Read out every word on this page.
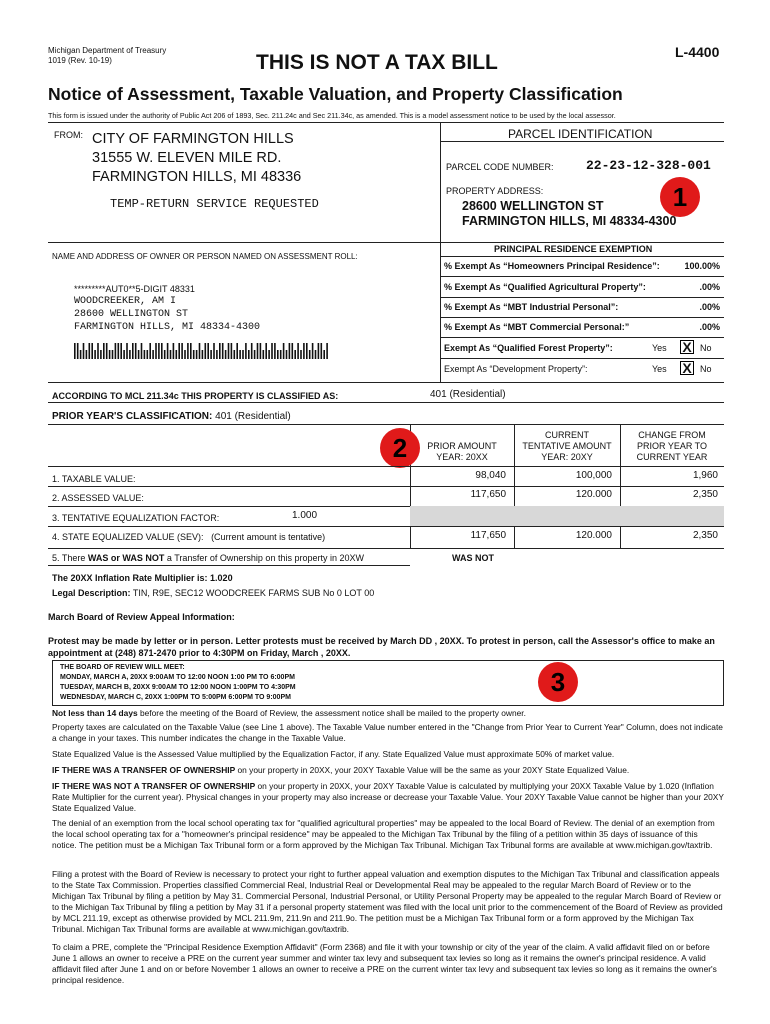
Michigan Department of Treasury
1019 (Rev. 10-19)	THIS IS NOT A TAX BILL	L-4400
Notice of Assessment, Taxable Valuation, and Property Classification
This form is issued under the authority of Public Act 206 of 1893, Sec. 211.24c and Sec 211.34c, as amended. This is a model assessment notice to be used by the local assessor.
FROM: CITY OF FARMINGTON HILLS
31555 W. ELEVEN MILE RD.
FARMINGTON HILLS, MI 48336
TEMP-RETURN SERVICE REQUESTED
PARCEL IDENTIFICATION
PARCEL CODE NUMBER: 22-23-12-328-001
PROPERTY ADDRESS:
28600 WELLINGTON ST
FARMINGTON HILLS, MI 48334-4300
1
NAME AND ADDRESS OF OWNER OR PERSON NAMED ON ASSESSMENT ROLL:
*********AUT0**5-DIGIT 48331
WOODCREEKER, AM I
28600 WELLINGTON ST
FARMINGTON HILLS, MI 48334-4300
PRINCIPAL RESIDENCE EXEMPTION
% Exempt As “Homeowners Principal Residence”:	100.00%
% Exempt As “Qualified Agricultural Property”:	.00%
% Exempt As “MBT Industrial Personal”:	.00%
% Exempt As “MBT Commercial Personal:”	.00%
Exempt As “Qualified Forest Property”:	Yes X No
Exempt As “Development Property”:	Yes X No
ACCORDING TO MCL 211.34c THIS PROPERTY IS CLASSIFIED AS:	401 (Residential)
PRIOR YEAR'S CLASSIFICATION: 401 (Residential)
PRIOR AMOUNT
YEAR: 20XX
CURRENT
TENTATIVE AMOUNT
YEAR: 20XY
CHANGE FROM
PRIOR YEAR TO
CURRENT YEAR
2
1. TAXABLE VALUE:	98,040	100,000	1,960
2. ASSESSED VALUE:	117,650	120.000	2,350
3. TENTATIVE EQUALIZATION FACTOR:	1.000
4. STATE EQUALIZED VALUE (SEV): (Current amount is tentative)	117,650	120.000	2,350
5. There WAS or WAS NOT a Transfer of Ownership on this property in 20XW	WAS NOT
The 20XX Inflation Rate Multiplier is: 1.020
Legal Description: TIN, R9E, SEC12 WOODCREEK FARMS SUB No 0 LOT 00
March Board of Review Appeal Information:
Protest may be made by letter or in person. Letter protests must be received by March DD , 20XX. To protest in person, call the Assessor's office to make an appointment at (248) 871-2470 prior to 4:30PM on Friday, March , 20XX.
THE BOARD OF REVIEW WILL MEET:
MONDAY, MARCH A, 20XX 9:00AM TO 12:00 NOON 1:00 PM TO 6:00PM
TUESDAY, MARCH B, 20XX 9:00AM TO 12:00 NOON 1:00PM TO 4:30PM
WEDNESDAY, MARCH C, 20XX 1:00PM TO 5:00PM 6:00PM TO 9:00PM
3
Not less than 14 days before the meeting of the Board of Review, the assessment notice shall be mailed to the property owner.
Property taxes are calculated on the Taxable Value (see Line 1 above). The Taxable Value number entered in the "Change from Prior Year to Current Year" Column, does not indicate a change in your taxes. This number indicates the change in the Taxable Value.
State Equalized Value is the Assessed Value multiplied by the Equalization Factor, if any. State Equalized Value must approximate 50% of market value.
IF THERE WAS A TRANSFER OF OWNERSHIP on your property in 20XX, your 20XY Taxable Value will be the same as your 20XY State Equalized Value.
IF THERE WAS NOT A TRANSFER OF OWNERSHIP on your property in 20XX, your 20XY Taxable Value is calculated by multiplying your 20XX Taxable Value by 1.020 (Inflation Rate Multiplier for the current year). Physical changes in your property may also increase or decrease your Taxable Value. Your 20XY Taxable Value cannot be higher than your 20XY State Equalized Value.
The denial of an exemption from the local school operating tax for "qualified agricultural properties" may be appealed to the local Board of Review. The denial of an exemption from the local school operating tax for a "homeowner's principal residence" may be appealed to the Michigan Tax Tribunal by the filing of a petition within 35 days of issuance of this notice. The petition must be a Michigan Tax Tribunal form or a form approved by the Michigan Tax Tribunal. Michigan Tax Tribunal forms are available at www.michigan.gov/taxtrib.
Filing a protest with the Board of Review is necessary to protect your right to further appeal valuation and exemption disputes to the Michigan Tax Tribunal and classification appeals to the State Tax Commission. Properties classified Commercial Real, Industrial Real or Developmental Real may be appealed to the regular March Board of Review or to the Michigan Tax Tribunal by filing a petition by May 31. Commercial Personal, Industrial Personal, or Utility Personal Property may be appealed to the regular March Board of Review or to the Michigan Tax Tribunal by filing a petition by May 31 if a personal property statement was filed with the local unit prior to the commencement of the Board of Review as provided by MCL 211.19, except as otherwise provided by MCL 211.9m, 211.9n and 211.9o. The petition must be a Michigan Tax Tribunal form or a form approved by the Michigan Tax Tribunal. Michigan Tax Tribunal forms are available at www.michigan.gov/taxtrib.
To claim a PRE, complete the "Principal Residence Exemption Affidavit" (Form 2368) and file it with your township or city of the year of the claim. A valid affidavit filed on or before June 1 allows an owner to receive a PRE on the current year summer and winter tax levy and subsequent tax levies so long as it remains the owner's principal residence. A valid affidavit filed after June 1 and on or before November 1 allows an owner to receive a PRE on the current winter tax levy and subsequent tax levies so long as it remains the owner's principal residence.
